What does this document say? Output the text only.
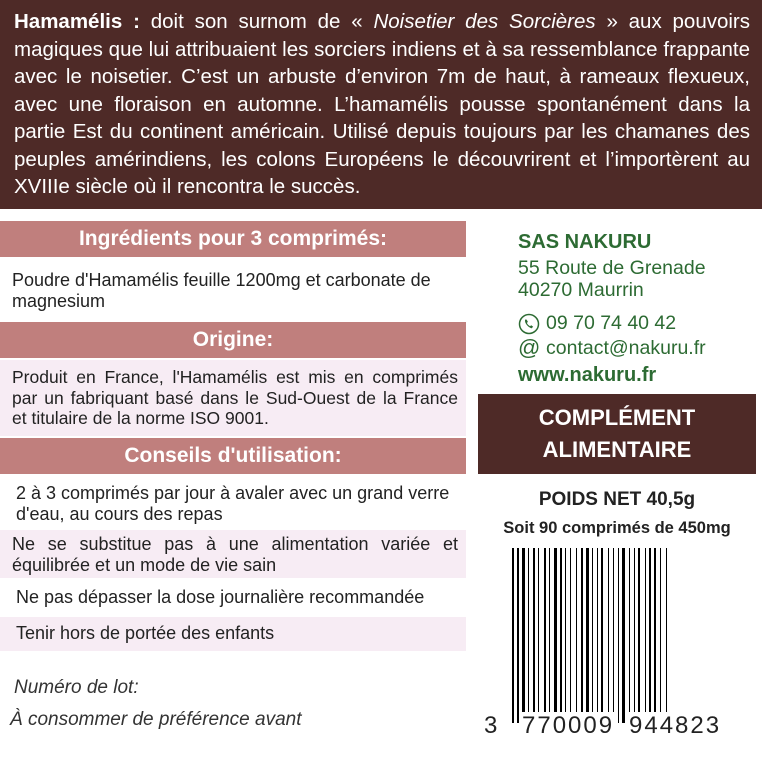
Hamamélis : doit son surnom de « Noisetier des Sorcières » aux pouvoirs magiques que lui attribuaient les sorciers indiens et à sa ressemblance frappante avec le noisetier. C’est un arbuste d’environ 7m de haut, à rameaux flexueux, avec une floraison en automne. L’hamamélis pousse spontanément dans la partie Est du continent américain. Utilisé depuis toujours par les chamanes des peuples amérindiens, les colons Européens le découvrirent et l’importèrent au XVIIIe siècle où il rencontra le succès.
Ingrédients pour 3 comprimés:
Poudre d'Hamamélis feuille 1200mg et carbonate de magnesium
Origine:
Produit en France, l'Hamamélis est mis en comprimés par un fabriquant basé dans le Sud-Ouest de la France et titulaire de la norme ISO 9001.
Conseils d'utilisation:
2 à 3 comprimés par jour à avaler avec un grand verre d'eau, au cours des repas
Ne se substitue pas à une alimentation variée et équilibrée et un mode de vie sain
Ne pas dépasser la dose journalière recommandée
Tenir hors de portée des enfants
Numéro de lot:
À consommer de préférence avant
SAS NAKURU
55 Route de Grenade
40270 Maurrin
09 70 74 40 42
@ contact@nakuru.fr
www.nakuru.fr
COMPLÉMENT
ALIMENTAIRE
POIDS NET 40,5g
Soit 90 comprimés de 450mg
3 770009 944823
